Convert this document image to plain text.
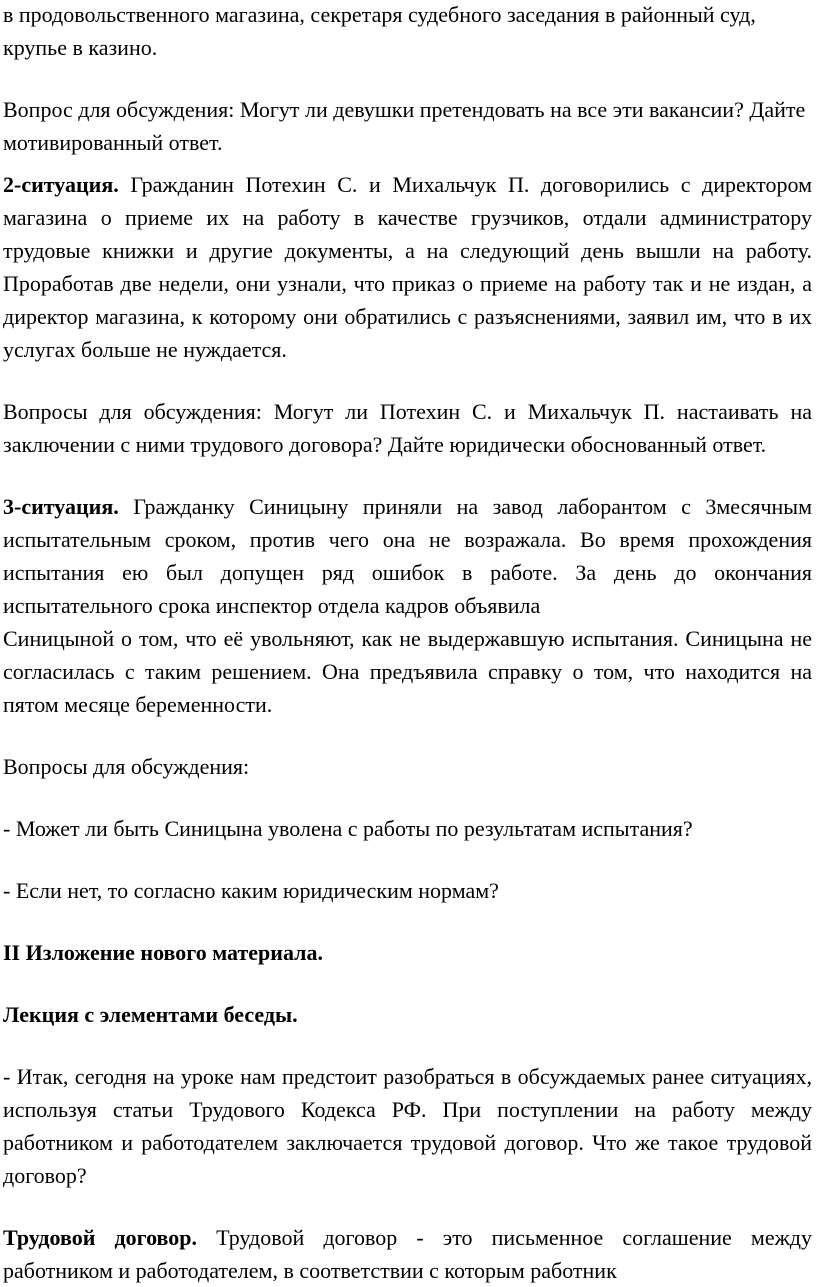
в продовольственного магазина, секретаря судебного заседания в районный суд, крупье в казино.

Вопрос для обсуждения: Могут ли девушки претендовать на все эти вакансии? Дайте мотивированный ответ.

2-ситуация. Гражданин Потехин С. и Михальчук П. договорились с директором магазина о приеме их на работу в качестве грузчиков, отдали администратору трудовые книжки и другие документы, а на следующий день вышли на работу. Проработав две недели, они узнали, что приказ о приеме на работу так и не издан, а директор магазина, к которому они обратились с разъяснениями, заявил им, что в их услугах больше не нуждается.

Вопросы для обсуждения: Могут ли Потехин С. и Михальчук П. настаивать на заключении с ними трудового договора? Дайте юридически обоснованный ответ.

3-ситуация. Гражданку Синицыну приняли на завод лаборантом с 3месячным испытательным сроком, против чего она не возражала. Во время прохождения испытания ею был допущен ряд ошибок в работе. За день до окончания испытательного срока инспектор отдела кадров объявила

Синицыной о том, что её увольняют, как не выдержавшую испытания. Синицына не согласилась с таким решением. Она предъявила справку о том, что находится на пятом месяце беременности.

Вопросы для обсуждения:

- Может ли быть Синицына уволена с работы по результатам испытания?

- Если нет, то согласно каким юридическим нормам?

II Изложение нового материала.

Лекция с элементами беседы.

- Итак, сегодня на уроке нам предстоит разобраться в обсуждаемых ранее ситуациях, используя статьи Трудового Кодекса РФ. При поступлении на работу между работником и работодателем заключается трудовой договор. Что же такое трудовой договор?

Трудовой договор. Трудовой договор - это письменное соглашение между работником и работодателем, в соответствии с которым работник
